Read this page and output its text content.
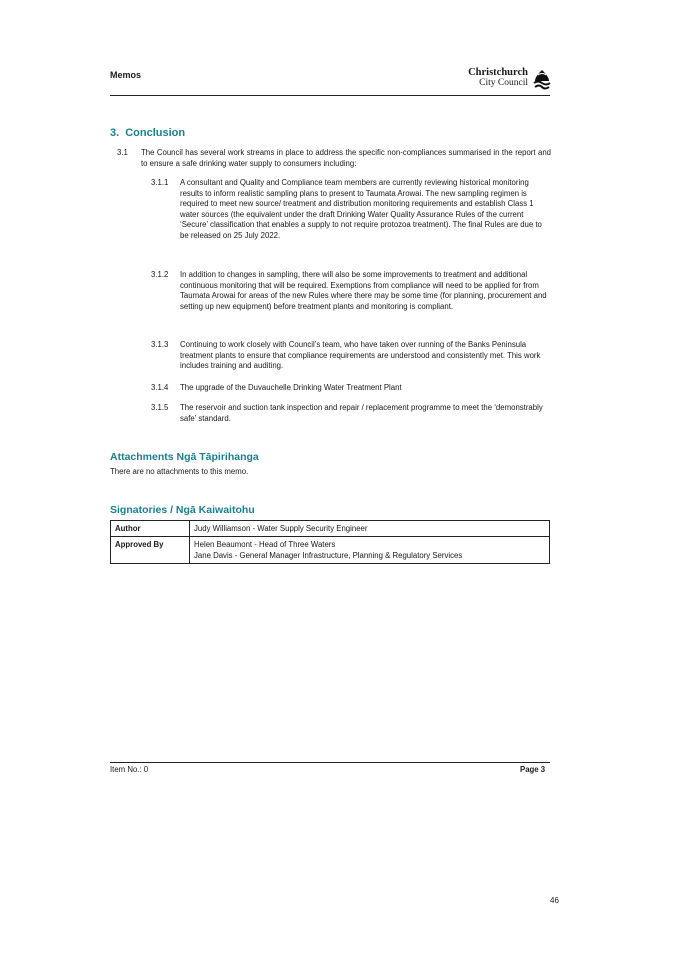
Memos	Christchurch
City Council
3. Conclusion
3.1 The Council has several work streams in place to address the specific non-compliances summarised in the report and to ensure a safe drinking water supply to consumers including:
3.1.1 A consultant and Quality and Compliance team members are currently reviewing historical monitoring results to inform realistic sampling plans to present to Taumata Arowai. The new sampling regimen is required to meet new source/ treatment and distribution monitoring requirements and establish Class 1 water sources (the equivalent under the draft Drinking Water Quality Assurance Rules of the current ‘Secure’ classification that enables a supply to not require protozoa treatment). The final Rules are due to be released on 25 July 2022.
3.1.2 In addition to changes in sampling, there will also be some improvements to treatment and additional continuous monitoring that will be required. Exemptions from compliance will need to be applied for from Taumata Arowai for areas of the new Rules where there may be some time (for planning, procurement and setting up new equipment) before treatment plants and monitoring is compliant.
3.1.3 Continuing to work closely with Council’s team, who have taken over running of the Banks Peninsula treatment plants to ensure that compliance requirements are understood and consistently met. This work includes training and auditing.
3.1.4 The upgrade of the Duvauchelle Drinking Water Treatment Plant
3.1.5 The reservoir and suction tank inspection and repair / replacement programme to meet the ‘demonstrably safe’ standard.
Attachments Ngā Tāpirihanga
There are no attachments to this memo.
Signatories / Ngā Kaiwaitohu
Author	Judy Williamson - Water Supply Security Engineer

Approved By	Helen Beaumont - Head of Three Waters
Jane Davis - General Manager Infrastructure, Planning & Regulatory Services
Item No.: 0	Page 3
46
